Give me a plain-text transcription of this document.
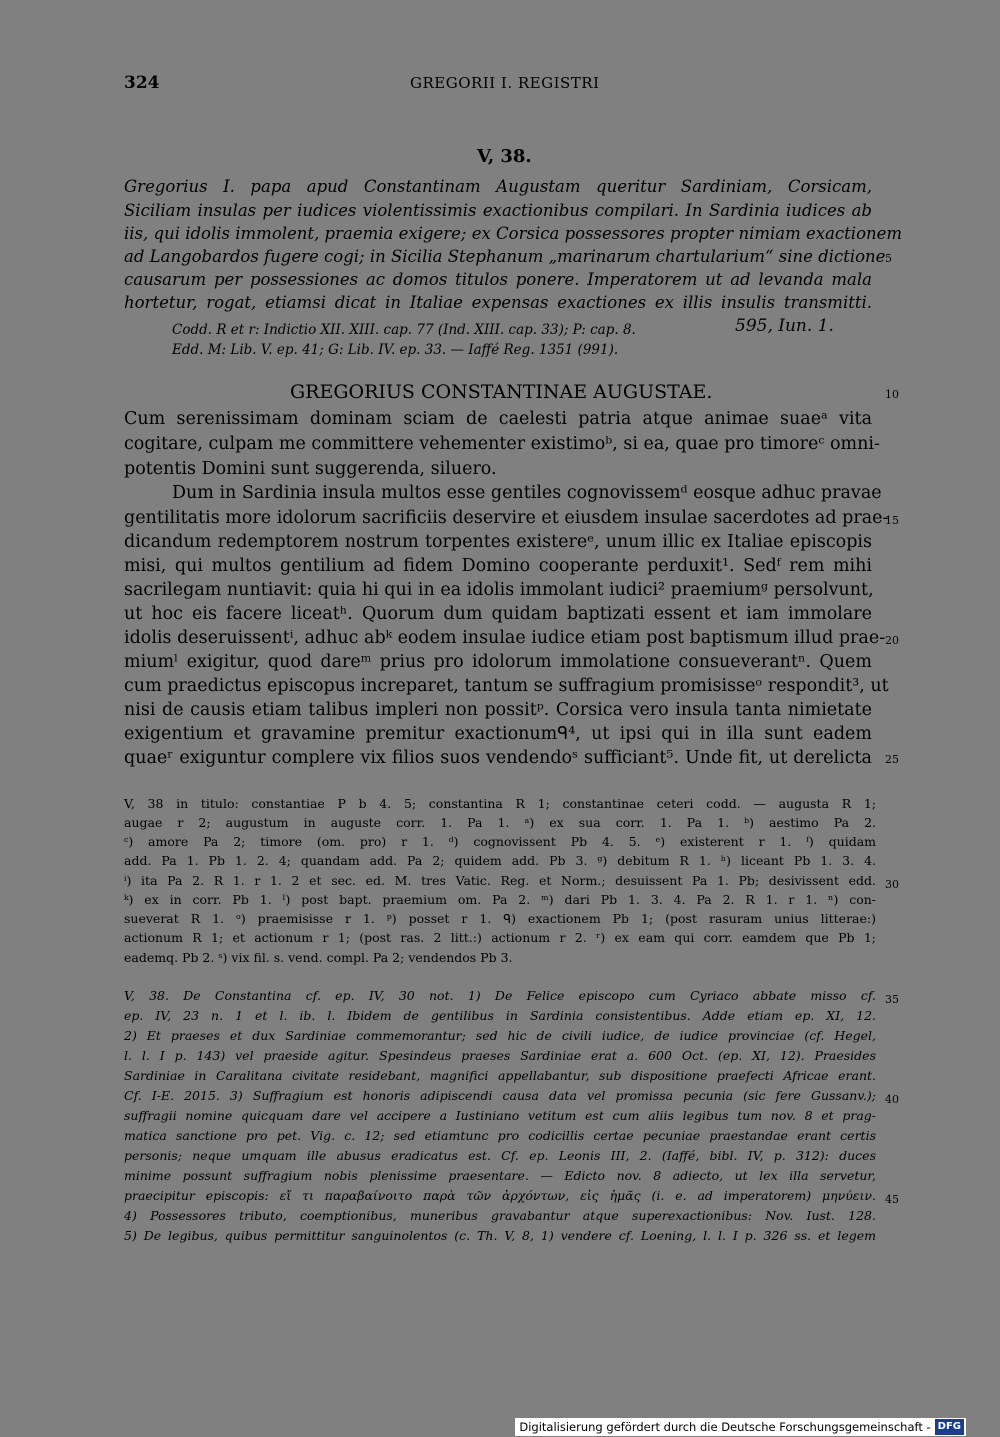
324	GREGORII I. REGISTRI
V, 38.
Gregorius I. papa apud Constantinam Augustam queritur Sardiniam, Corsicam,
Siciliam insulas per iudices violentissimis exactionibus compilari. In Sardinia iudices ab
iis, qui idolis immolent, praemia exigere; ex Corsica possessores propter nimiam exactionem
ad Langobardos fugere cogi; in Sicilia Stephanum „marinarum chartularium“ sine dictione
causarum per possessiones ac domos titulos ponere. Imperatorem ut ad levanda mala
hortetur, rogat, etiamsi dicat in Italiae expensas exactiones ex illis insulis transmitti.
Codd. R et r: Indictio XII. XIII. cap. 77 (Ind. XIII. cap. 33); P: cap. 8.
Edd. M: Lib. V. ep. 41; G: Lib. IV. ep. 33. — Iaffé Reg. 1351 (991).
595, Iun. 1.
GREGORIUS CONSTANTINAE AUGUSTAE.
Cum serenissimam dominam sciam de caelesti patria atque animae suaeᵃ vita
cogitare, culpam me committere vehementer existimoᵇ, si ea, quae pro timoreᶜ omni-
potentis Domini sunt suggerenda, siluero.
Dum in Sardinia insula multos esse gentiles cognovissemᵈ eosque adhuc pravae
gentilitatis more idolorum sacrificiis deservire et eiusdem insulae sacerdotes ad prae-
dicandum redemptorem nostrum torpentes existereᵉ, unum illic ex Italiae episcopis
misi, qui multos gentilium ad fidem Domino cooperante perduxit¹. Sedᶠ rem mihi
sacrilegam nuntiavit: quia hi qui in ea idolis immolant iudici² praemiumᵍ persolvunt,
ut hoc eis facere liceatʰ. Quorum dum quidam baptizati essent et iam immolare
idolis deseruissentⁱ, adhuc abᵏ eodem insulae iudice etiam post baptismum illud prae-
miumˡ exigitur, quod dareᵐ prius pro idolorum immolatione consueverantⁿ. Quem
cum praedictus episcopus increparet, tantum se suffragium promisisseᵒ respondit³, ut
nisi de causis etiam talibus impleri non possitᵖ. Corsica vero insula tanta nimietate
exigentium et gravamine premitur exactionumᑫ⁴, ut ipsi qui in illa sunt eadem
quaeʳ exiguntur complere vix filios suos vendendoˢ sufficiant⁵. Unde fit, ut derelicta
V, 38 in titulo: constantiae P b 4. 5; constantina R 1; constantinae ceteri codd. — augusta R 1;
augae r 2; augustum in auguste corr. 1. Pa 1. ᵃ) ex sua corr. 1. Pa 1. ᵇ) aestimo Pa 2.
ᶜ) amore Pa 2; timore (om. pro) r 1. ᵈ) cognovissent Pb 4. 5. ᵉ) existerent r 1. ᶠ) quidam
add. Pa 1. Pb 1. 2. 4; quandam add. Pa 2; quidem add. Pb 3. ᵍ) debitum R 1. ʰ) liceant Pb 1. 3. 4.
ⁱ) ita Pa 2. R 1. r 1. 2 et sec. ed. M. tres Vatic. Reg. et Norm.; desuissent Pa 1. Pb; desivissent edd.
ᵏ) ex in corr. Pb 1. ˡ) post bapt. praemium om. Pa 2. ᵐ) dari Pb 1. 3. 4. Pa 2. R 1. r 1. ⁿ) con-
sueverat R 1. ᵒ) praemisisse r 1. ᵖ) posset r 1. ᑫ) exactionem Pb 1; (post rasuram unius litterae:)
actionum R 1; et actionum r 1; (post ras. 2 litt.:) actionum r 2. ʳ) ex eam qui corr. eamdem que Pb 1;
eademq. Pb 2. ˢ) vix fil. s. vend. compl. Pa 2; vendendos Pb 3.
V, 38. De Constantina cf. ep. IV, 30 not. 1) De Felice episcopo cum Cyriaco abbate misso cf.
ep. IV, 23 n. 1 et l. ib. l. Ibidem de gentilibus in Sardinia consistentibus. Adde etiam ep. XI, 12.
2) Et praeses et dux Sardiniae commemorantur; sed hic de civili iudice, de iudice provinciae (cf. Hegel,
l. l. I p. 143) vel praeside agitur. Spesindeus praeses Sardiniae erat a. 600 Oct. (ep. XI, 12). Praesides
Sardiniae in Caralitana civitate residebant, magnifici appellabantur, sub dispositione praefecti Africae erant.
Cf. I-E. 2015. 3) Suffragium est honoris adipiscendi causa data vel promissa pecunia (sic fere Gussanv.);
suffragii nomine quicquam dare vel accipere a Iustiniano vetitum est cum aliis legibus tum nov. 8 et prag-
matica sanctione pro pet. Vig. c. 12; sed etiamtunc pro codicillis certae pecuniae praestandae erant certis
personis; neque umquam ille abusus eradicatus est. Cf. ep. Leonis III, 2. (Iaffé, bibl. IV, p. 312): duces
minime possunt suffragium nobis plenissime praesentare. — Edicto nov. 8 adiecto, ut lex illa servetur,
praecipitur episcopis: εἴ τι παραβαίνοιτο παρὰ τῶν ἀρχόντων, εἰς ἡμᾶς (i. e. ad imperatorem) μηνύειν.
4) Possessores tributo, coemptionibus, muneribus gravabantur atque superexactionibus: Nov. Iust. 128.
5) De legibus, quibus permittitur sanguinolentos (c. Th. V, 8, 1) vendere cf. Loening, l. l. I p. 326 ss. et legem
5
10
15
20
25
30
35
40
45
Digitalisierung gefördert durch die Deutsche Forschungsgemeinschaft - DFG
